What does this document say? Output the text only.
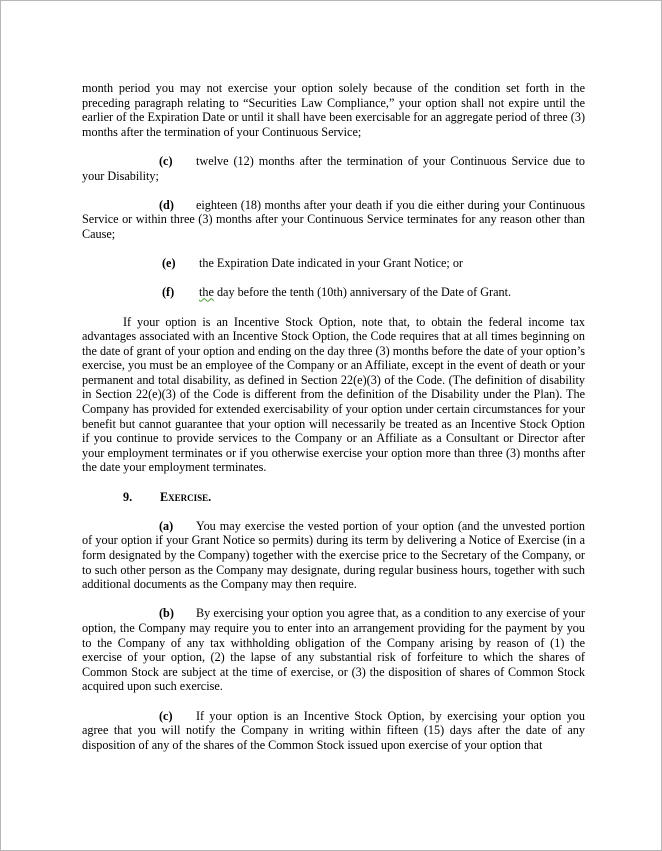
month period you may not exercise your option solely because of the condition set forth in the preceding paragraph relating to “Securities Law Compliance,” your option shall not expire until the earlier of the Expiration Date or until it shall have been exercisable for an aggregate period of three (3) months after the termination of your Continuous Service;

(c) twelve (12) months after the termination of your Continuous Service due to your Disability;

(d) eighteen (18) months after your death if you die either during your Continuous Service or within three (3) months after your Continuous Service terminates for any reason other than Cause;

(e) the Expiration Date indicated in your Grant Notice; or

(f) the day before the tenth (10th) anniversary of the Date of Grant.

If your option is an Incentive Stock Option, note that, to obtain the federal income tax advantages associated with an Incentive Stock Option, the Code requires that at all times beginning on the date of grant of your option and ending on the day three (3) months before the date of your option’s exercise, you must be an employee of the Company or an Affiliate, except in the event of death or your permanent and total disability, as defined in Section 22(e)(3) of the Code. (The definition of disability in Section 22(e)(3) of the Code is different from the definition of the Disability under the Plan). The Company has provided for extended exercisability of your option under certain circumstances for your benefit but cannot guarantee that your option will necessarily be treated as an Incentive Stock Option if you continue to provide services to the Company or an Affiliate as a Consultant or Director after your employment terminates or if you otherwise exercise your option more than three (3) months after the date your employment terminates.

9. Exercise.

(a) You may exercise the vested portion of your option (and the unvested portion of your option if your Grant Notice so permits) during its term by delivering a Notice of Exercise (in a form designated by the Company) together with the exercise price to the Secretary of the Company, or to such other person as the Company may designate, during regular business hours, together with such additional documents as the Company may then require.

(b) By exercising your option you agree that, as a condition to any exercise of your option, the Company may require you to enter into an arrangement providing for the payment by you to the Company of any tax withholding obligation of the Company arising by reason of (1) the exercise of your option, (2) the lapse of any substantial risk of forfeiture to which the shares of Common Stock are subject at the time of exercise, or (3) the disposition of shares of Common Stock acquired upon such exercise.

(c) If your option is an Incentive Stock Option, by exercising your option you agree that you will notify the Company in writing within fifteen (15) days after the date of any disposition of any of the shares of the Common Stock issued upon exercise of your option that
